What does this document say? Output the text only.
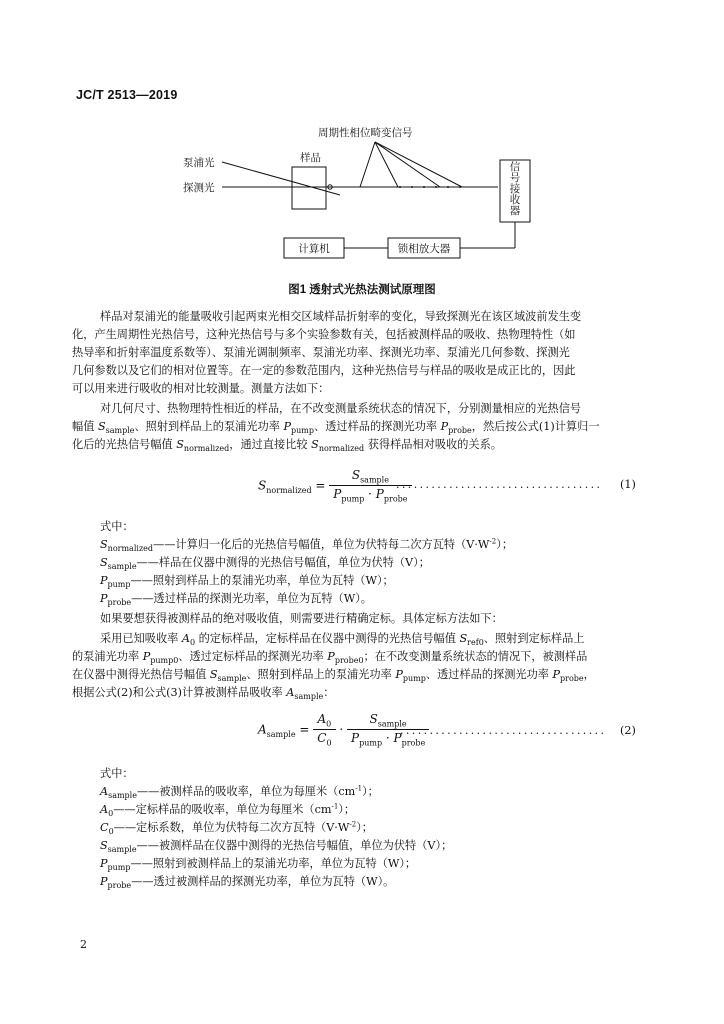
JC/T 2513—2019
周期性相位畸变信号
样品
泵浦光
探测光
信
号
接
收
器
锁相放大器
计算机
图1 透射式光热法测试原理图
样品对泵浦光的能量吸收引起两束光相交区域样品折射率的变化，导致探测光在该区域波前发生变
化，产生周期性光热信号，这种光热信号与多个实验参数有关，包括被测样品的吸收、热物理特性（如
热导率和折射率温度系数等）、泵浦光调制频率、泵浦光功率、探测光功率、泵浦光几何参数、探测光
几何参数以及它们的相对位置等。在一定的参数范围内，这种光热信号与样品的吸收是成正比的，因此
可以用来进行吸收的相对比较测量。测量方法如下：
对几何尺寸、热物理特性相近的样品，在不改变测量系统状态的情况下，分别测量相应的光热信号
幅值 $S_{sample}$、照射到样品上的泵浦光功率 $P_{pump}$、透过样品的探测光功率 $P_{probe}$，然后按公式(1)计算归一
化后的光热信号幅值 $S_{normalized}$，通过直接比较 $S_{normalized}$ 获得样品相对吸收的关系。
$S_{normalized} = \frac{S_{sample}}{P_{pump} \cdot P_{probe}}$
................................... (1)
式中：
$S_{normalized}——$计算归一化后的光热信号幅值，单位为伏特每二次方瓦特$(V\cdot W^{-2})$；
$S_{sample}——$样品在仪器中测得的光热信号幅值，单位为伏特（V）；
$P_{pump}——$照射到样品上的泵浦光功率，单位为瓦特（W）；
$P_{probe}——$透过样品的探测光功率，单位为瓦特（W）。
如果要想获得被测样品的绝对吸收值，则需要进行精确定标。具体定标方法如下：
采用已知吸收率 $A_0$ 的定标样品，定标样品在仪器中测得的光热信号幅值 $S_{ref0}$、照射到定标样品上
的泵浦光功率 $P_{pump0}$、透过定标样品的探测光功率 $P_{probe0}$；在不改变测量系统状态的情况下，被测样品
在仪器中测得光热信号幅值 $S_{sample}$、照射到样品上的泵浦光功率 $P_{pump}$、透过样品的探测光功率 $P_{probe}$，
根据公式(2)和公式(3)计算被测样品吸收率 $A_{sample}$：
$A_{sample} = \frac{A_0}{C_0} \cdot \frac{S_{sample}}{P_{pump} \cdot P_{probe}}$
................................... (2)
式中：
$A_{sample}——$被测样品的吸收率，单位为每厘米$(cm^{-1})$；
$A_0——$定标样品的吸收率，单位为每厘米$(cm^{-1})$；
$C_0——$定标系数，单位为伏特每二次方瓦特$(V\cdot W^{-2})$；
$S_{sample}——$被测样品在仪器中测得的光热信号幅值，单位为伏特（V）；
$P_{pump}——$照射到被测样品上的泵浦光功率，单位为瓦特（W）；
$P_{probe}——$透过被测样品的探测光功率，单位为瓦特（W）。
2
